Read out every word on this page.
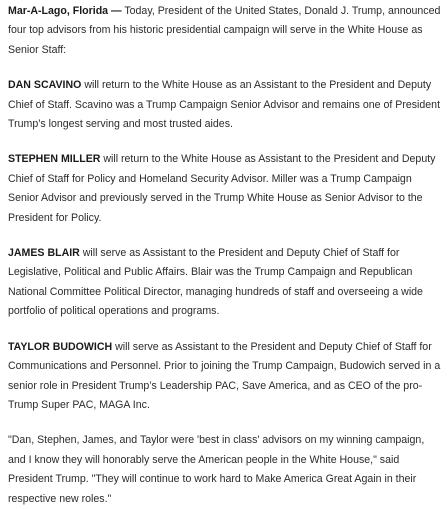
Mar-A-Lago, Florida — Today, President of the United States, Donald J. Trump, announced four top advisors from his historic presidential campaign will serve in the White House as Senior Staff:

DAN SCAVINO will return to the White House as an Assistant to the President and Deputy Chief of Staff. Scavino was a Trump Campaign Senior Advisor and remains one of President Trump’s longest serving and most trusted aides.

STEPHEN MILLER will return to the White House as Assistant to the President and Deputy Chief of Staff for Policy and Homeland Security Advisor. Miller was a Trump Campaign Senior Advisor and previously served in the Trump White House as Senior Advisor to the President for Policy.

JAMES BLAIR will serve as Assistant to the President and Deputy Chief of Staff for Legislative, Political and Public Affairs. Blair was the Trump Campaign and Republican National Committee Political Director, managing hundreds of staff and overseeing a wide portfolio of political operations and programs.

TAYLOR BUDOWICH will serve as Assistant to the President and Deputy Chief of Staff for Communications and Personnel. Prior to joining the Trump Campaign, Budowich served in a senior role in President Trump’s Leadership PAC, Save America, and as CEO of the pro-Trump Super PAC, MAGA Inc.

"Dan, Stephen, James, and Taylor were 'best in class' advisors on my winning campaign, and I know they will honorably serve the American people in the White House," said President Trump. "They will continue to work hard to Make America Great Again in their respective new roles."
